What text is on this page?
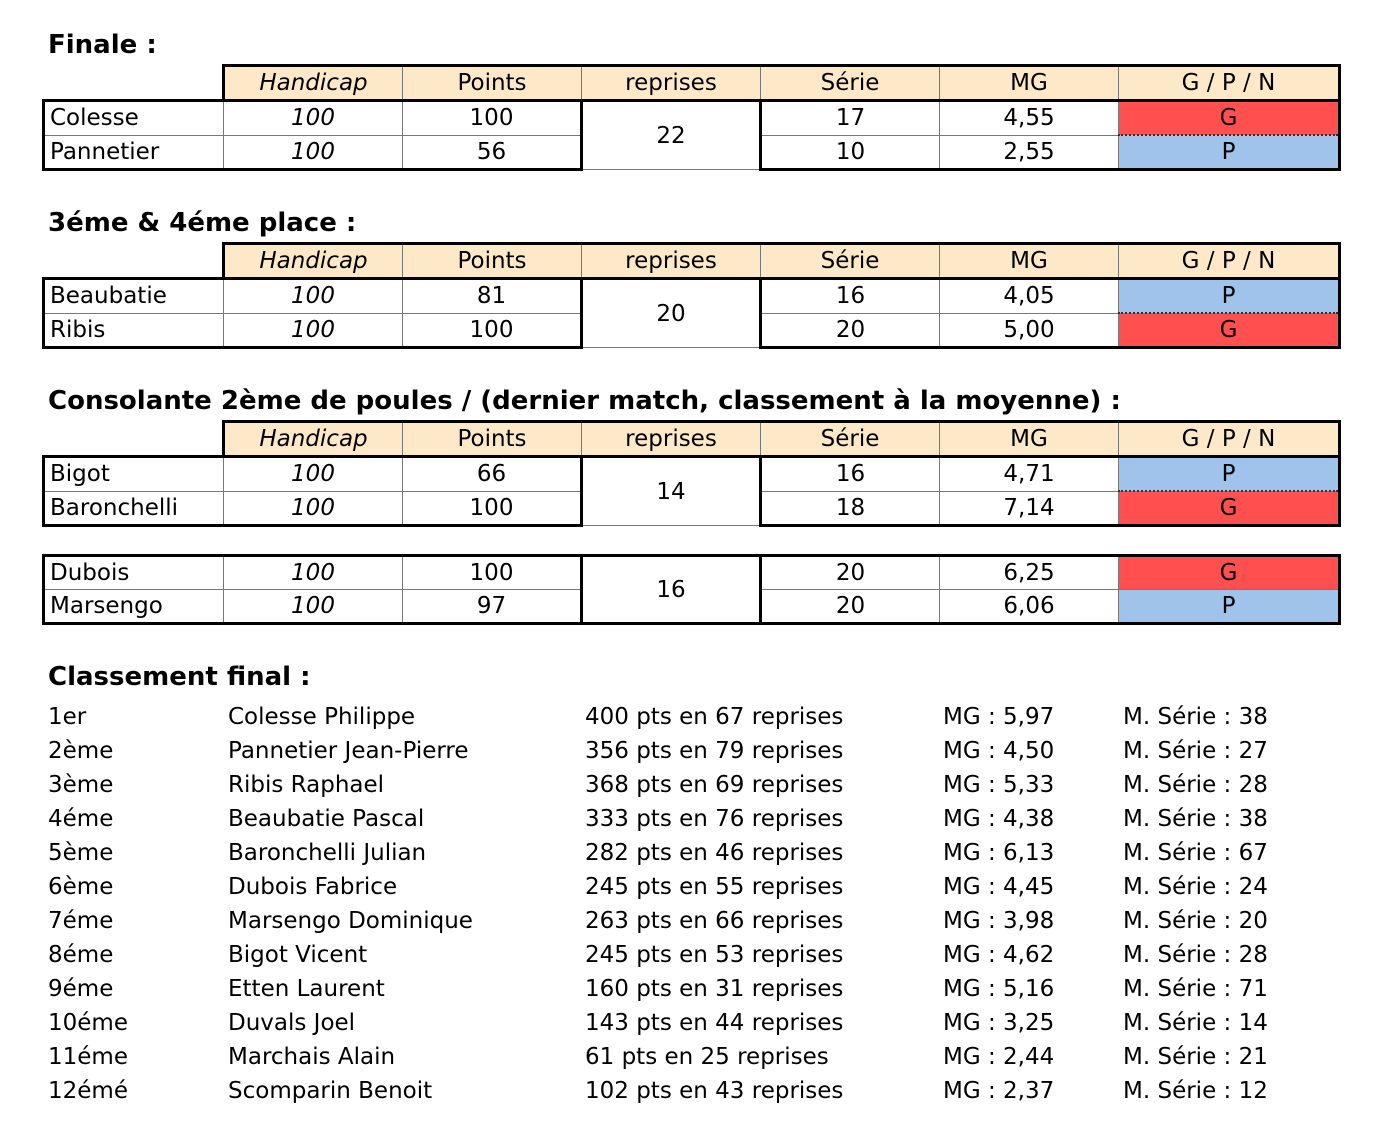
Finale :
	Handicap	Points	reprises	Série	MG	G / P / N
Colesse	100	100	22	17	4,55	G
Pannetier	100	56		10	2,55	P
3éme & 4éme place :
	Handicap	Points	reprises	Série	MG	G / P / N
Beaubatie	100	81	20	16	4,05	P
Ribis	100	100		20	5,00	G
Consolante 2ème de poules / (dernier match, classement à la moyenne) :
	Handicap	Points	reprises	Série	MG	G / P / N
Bigot	100	66	14	16	4,71	P
Baronchelli	100	100		18	7,14	G
Dubois	100	100	16	20	6,25	G
Marsengo	100	97		20	6,06	P
Classement final :
1er	Colesse Philippe	400 pts en 67 reprises	MG : 5,97	M. Série : 38
2ème	Pannetier Jean-Pierre	356 pts en 79 reprises	MG : 4,50	M. Série : 27
3ème	Ribis Raphael	368 pts en 69 reprises	MG : 5,33	M. Série : 28
4éme	Beaubatie Pascal	333 pts en 76 reprises	MG : 4,38	M. Série : 38
5ème	Baronchelli Julian	282 pts en 46 reprises	MG : 6,13	M. Série : 67
6ème	Dubois Fabrice	245 pts en 55 reprises	MG : 4,45	M. Série : 24
7éme	Marsengo Dominique	263 pts en 66 reprises	MG : 3,98	M. Série : 20
8éme	Bigot Vicent	245 pts en 53 reprises	MG : 4,62	M. Série : 28
9éme	Etten Laurent	160 pts en 31 reprises	MG : 5,16	M. Série : 71
10éme	Duvals Joel	143 pts en 44 reprises	MG : 3,25	M. Série : 14
11éme	Marchais Alain	61 pts en 25 reprises	MG : 2,44	M. Série : 21
12émé	Scomparin Benoit	102 pts en 43 reprises	MG : 2,37	M. Série : 12
